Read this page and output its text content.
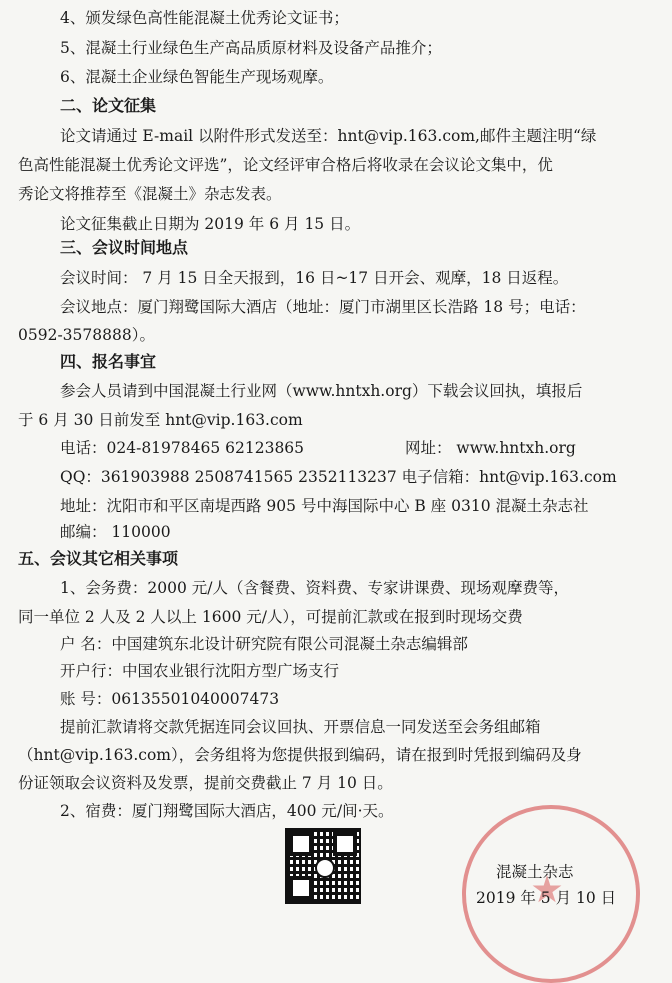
4、颁发绿色高性能混凝土优秀论文证书；
5、混凝土行业绿色生产高品质原材料及设备产品推介；
6、混凝土企业绿色智能生产现场观摩。
二、论文征集
论文请通过 E-mail 以附件形式发送至：hnt@vip.163.com,邮件主题注明“绿
色高性能混凝土优秀论文评选”，论文经评审合格后将收录在会议论文集中，优
秀论文将推荐至《混凝土》杂志发表。
论文征集截止日期为 2019 年 6 月 15 日。
三、会议时间地点
会议时间： 7 月 15 日全天报到，16 日~17 日开会、观摩，18 日返程。
会议地点：厦门翔鹭国际大酒店（地址：厦门市湖里区长浩路 18 号；电话：
0592-3578888）。
四、报名事宜
参会人员请到中国混凝土行业网（www.hntxh.org）下载会议回执，填报后
于 6 月 30 日前发至 hnt@vip.163.com
电话：024-81978465 62123865	网址： www.hntxh.org
QQ：361903988 2508741565 2352113237 电子信箱：hnt@vip.163.com
地址：沈阳市和平区南堤西路 905 号中海国际中心 B 座 0310 混凝土杂志社
邮编： 110000
五、会议其它相关事项
1、会务费：2000 元/人（含餐费、资料费、专家讲课费、现场观摩费等，
同一单位 2 人及 2 人以上 1600 元/人），可提前汇款或在报到时现场交费
户 名：中国建筑东北设计研究院有限公司混凝土杂志编辑部
开户行：中国农业银行沈阳方型广场支行
账 号：06135501040007473
提前汇款请将交款凭据连同会议回执、开票信息一同发送至会务组邮箱
（hnt@vip.163.com），会务组将为您提供报到编码，请在报到时凭报到编码及身
份证领取会议资料及发票，提前交费截止 7 月 10 日。
2、宿费：厦门翔鹭国际大酒店，400 元/间·天。
混凝土杂志
2019 年 5 月 10 日
